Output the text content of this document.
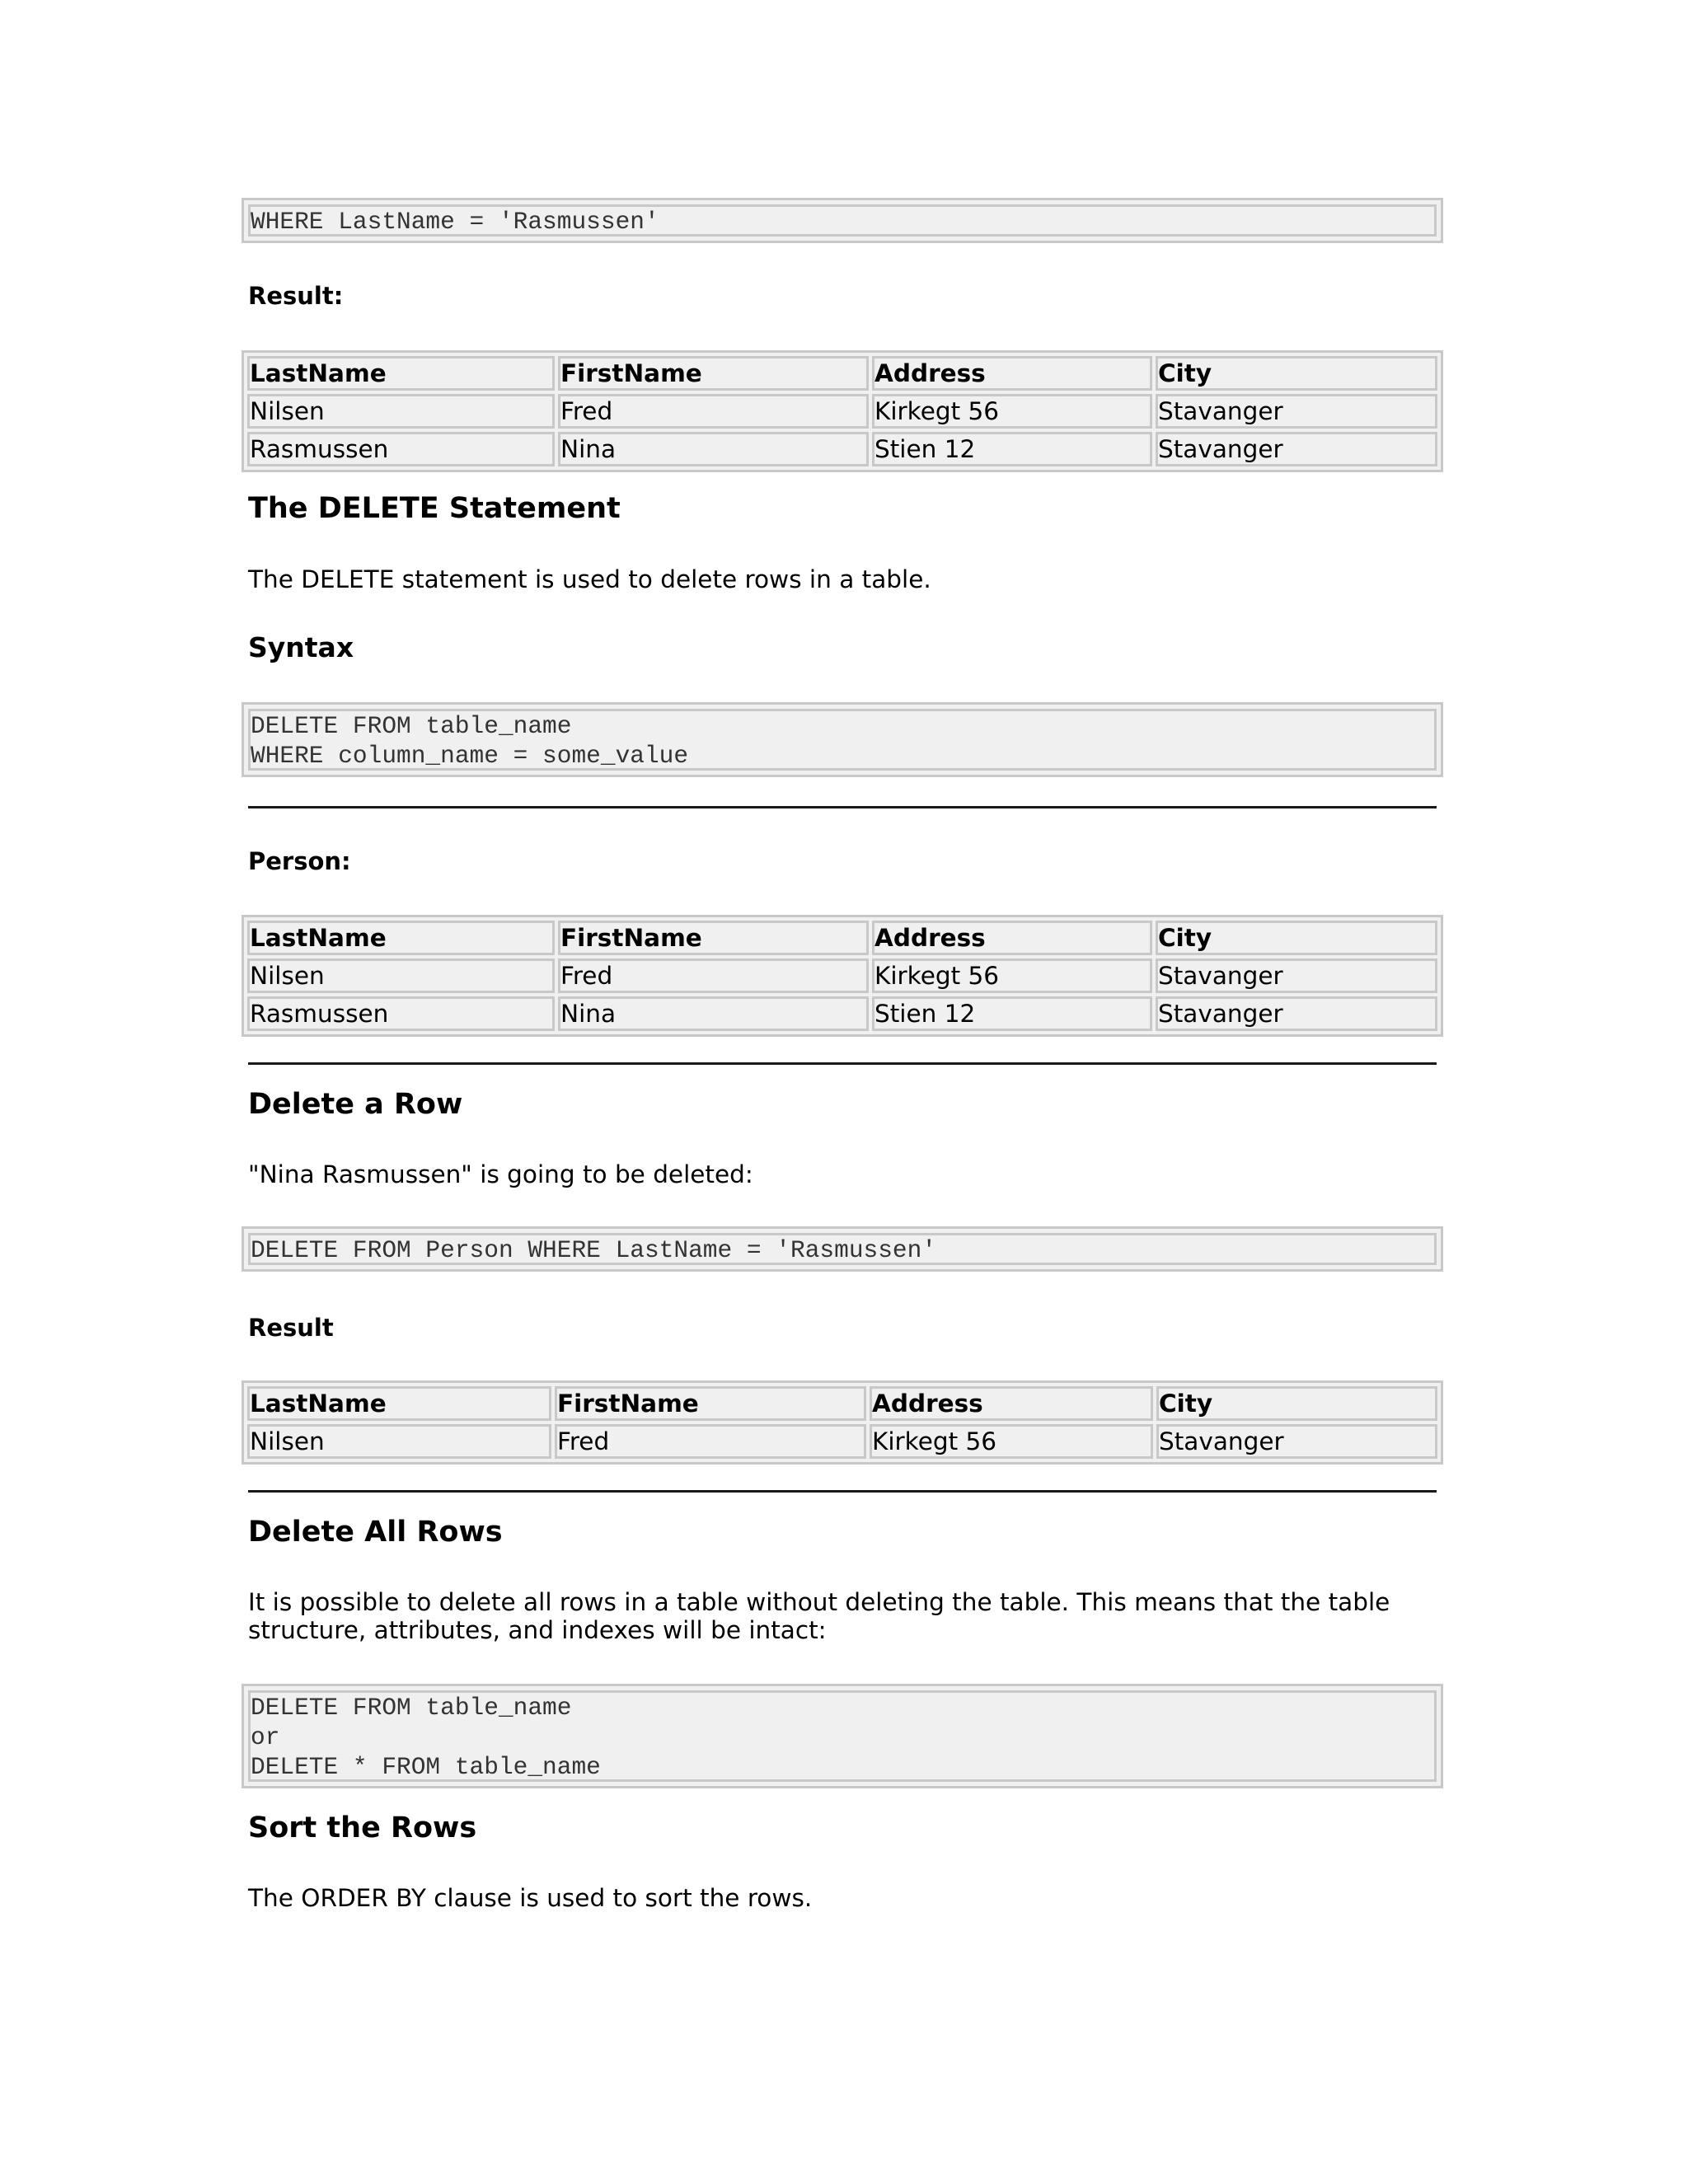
WHERE LastName = 'Rasmussen'
Result:
LastName	FirstName	Address	City
Nilsen	Fred	Kirkegt 56	Stavanger
Rasmussen	Nina	Stien 12	Stavanger
The DELETE Statement
The DELETE statement is used to delete rows in a table.
Syntax
DELETE FROM table_name
WHERE column_name = some_value
Person:
LastName	FirstName	Address	City
Nilsen	Fred	Kirkegt 56	Stavanger
Rasmussen	Nina	Stien 12	Stavanger
Delete a Row
"Nina Rasmussen" is going to be deleted:
DELETE FROM Person WHERE LastName = 'Rasmussen'
Result
LastName	FirstName	Address	City
Nilsen	Fred	Kirkegt 56	Stavanger
Delete All Rows
It is possible to delete all rows in a table without deleting the table. This means that the table
structure, attributes, and indexes will be intact:
DELETE FROM table_name
or
DELETE * FROM table_name
Sort the Rows
The ORDER BY clause is used to sort the rows.
